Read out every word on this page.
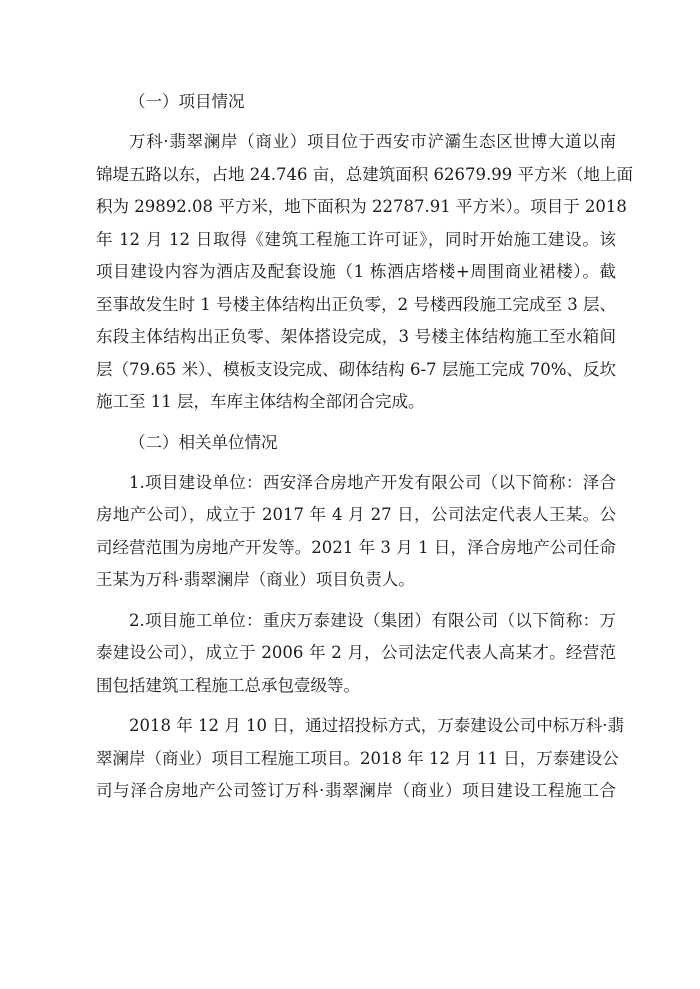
（一）项目情况
万科·翡翠澜岸（商业）项目位于西安市浐灞生态区世博大道以南
锦堤五路以东，占地 24.746 亩，总建筑面积 62679.99 平方米（地上面
积为 29892.08 平方米，地下面积为 22787.91 平方米）。项目于 2018
年 12 月 12 日取得《建筑工程施工许可证》，同时开始施工建设。该
项目建设内容为酒店及配套设施（1 栋酒店塔楼+周围商业裙楼）。截
至事故发生时 1 号楼主体结构出正负零，2 号楼西段施工完成至 3 层、
东段主体结构出正负零、架体搭设完成，3 号楼主体结构施工至水箱间
层（79.65 米）、模板支设完成、砌体结构 6-7 层施工完成 70%、反坎
施工至 11 层，车库主体结构全部闭合完成。
（二）相关单位情况
1.项目建设单位：西安泽合房地产开发有限公司（以下简称：泽合
房地产公司），成立于 2017 年 4 月 27 日，公司法定代表人王某。公
司经营范围为房地产开发等。2021 年 3 月 1 日，泽合房地产公司任命
王某为万科·翡翠澜岸（商业）项目负责人。
2.项目施工单位：重庆万泰建设（集团）有限公司（以下简称：万
泰建设公司），成立于 2006 年 2 月，公司法定代表人高某才。经营范
围包括建筑工程施工总承包壹级等。
2018 年 12 月 10 日，通过招投标方式，万泰建设公司中标万科·翡
翠澜岸（商业）项目工程施工项目。2018 年 12 月 11 日，万泰建设公
司与泽合房地产公司签订万科·翡翠澜岸（商业）项目建设工程施工合
